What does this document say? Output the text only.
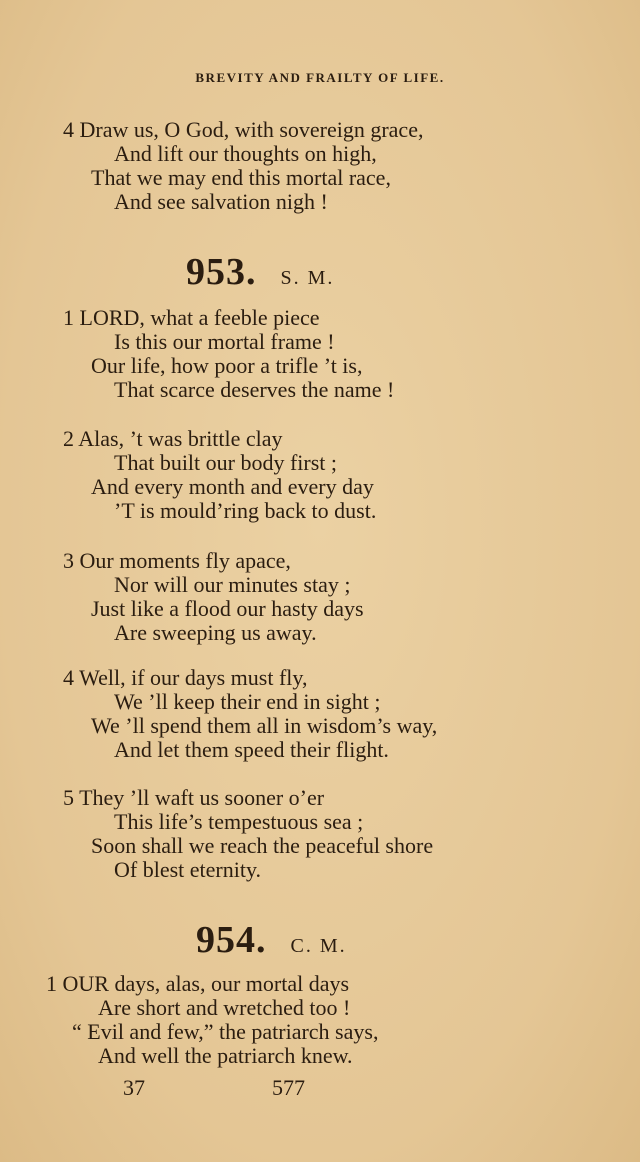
BREVITY AND FRAILTY OF LIFE.
4 Draw us, O God, with sovereign grace,
And lift our thoughts on high,
That we may end this mortal race,
And see salvation nigh !
953. S. M.
1 LORD, what a feeble piece
Is this our mortal frame !
Our life, how poor a trifle ’t is,
That scarce deserves the name !
2 Alas, ’t was brittle clay
That built our body first ;
And every month and every day
’T is mould’ring back to dust.
3 Our moments fly apace,
Nor will our minutes stay ;
Just like a flood our hasty days
Are sweeping us away.
4 Well, if our days must fly,
We ’ll keep their end in sight ;
We ’ll spend them all in wisdom’s way,
And let them speed their flight.
5 They ’ll waft us sooner o’er
This life’s tempestuous sea ;
Soon shall we reach the peaceful shore
Of blest eternity.
954. C. M.
1 OUR days, alas, our mortal days
Are short and wretched too !
“ Evil and few,” the patriarch says,
And well the patriarch knew.
37	577
